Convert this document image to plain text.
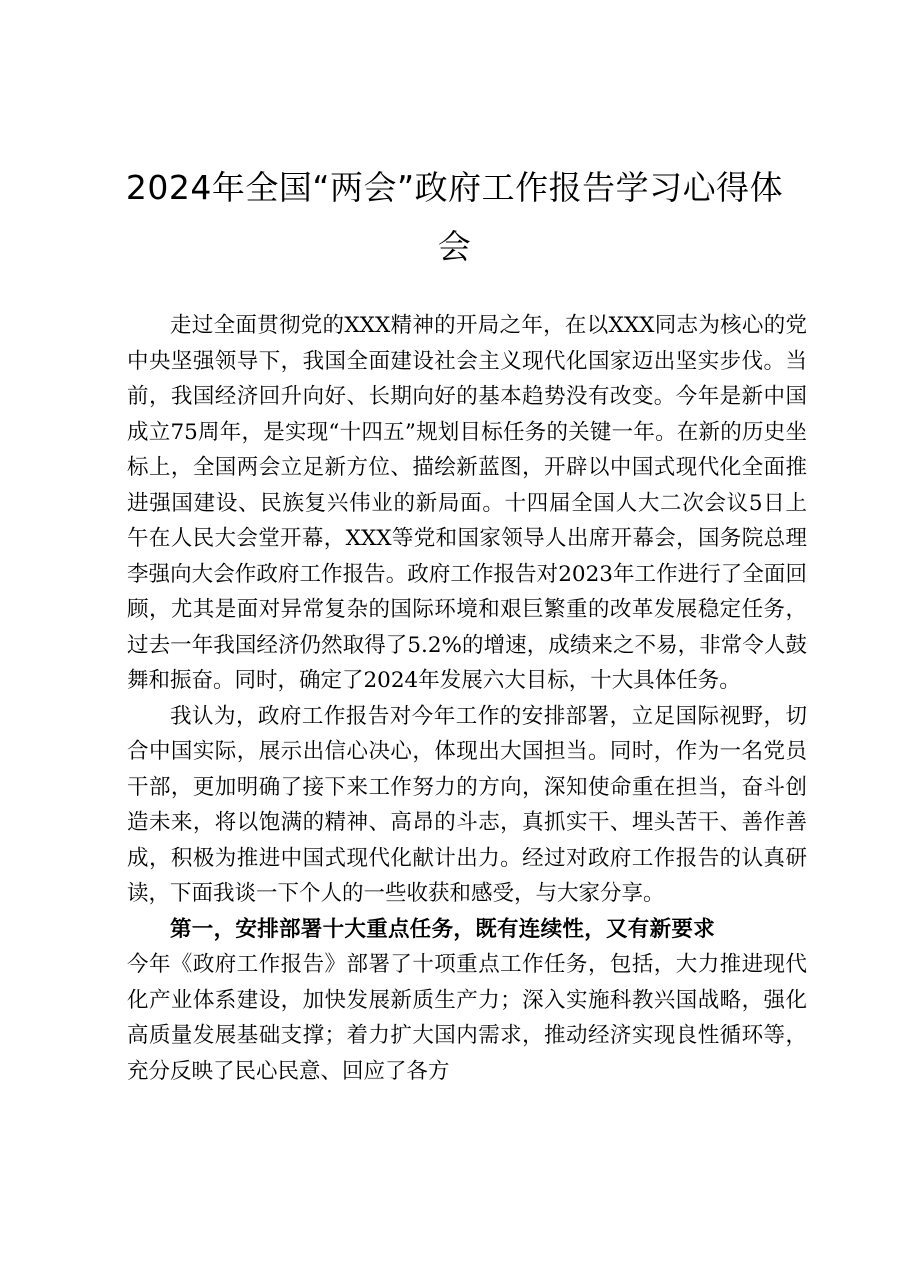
2024年全国“两会”政府工作报告学习心得体会

走过全面贯彻党的XXX精神的开局之年，在以XXX同志为核心的党中央坚强领导下，我国全面建设社会主义现代化国家迈出坚实步伐。当前，我国经济回升向好、长期向好的基本趋势没有改变。今年是新中国成立75周年，是实现“十四五”规划目标任务的关键一年。在新的历史坐标上，全国两会立足新方位、描绘新蓝图，开辟以中国式现代化全面推进强国建设、民族复兴伟业的新局面。十四届全国人大二次会议5日上午在人民大会堂开幕，XXX等党和国家领导人出席开幕会，国务院总理李强向大会作政府工作报告。政府工作报告对2023年工作进行了全面回顾，尤其是面对异常复杂的国际环境和艰巨繁重的改革发展稳定任务，过去一年我国经济仍然取得了5.2%的增速，成绩来之不易，非常令人鼓舞和振奋。同时，确定了2024年发展六大目标，十大具体任务。

我认为，政府工作报告对今年工作的安排部署，立足国际视野，切合中国实际，展示出信心决心，体现出大国担当。同时，作为一名党员干部，更加明确了接下来工作努力的方向，深知使命重在担当，奋斗创造未来，将以饱满的精神、高昂的斗志，真抓实干、埋头苦干、善作善成，积极为推进中国式现代化献计出力。经过对政府工作报告的认真研读，下面我谈一下个人的一些收获和感受，与大家分享。

第一，安排部署十大重点任务，既有连续性，又有新要求

今年《政府工作报告》部署了十项重点工作任务，包括，大力推进现代化产业体系建设，加快发展新质生产力；深入实施科教兴国战略，强化高质量发展基础支撑；着力扩大国内需求，推动经济实现良性循环等，充分反映了民心民意、回应了各方
